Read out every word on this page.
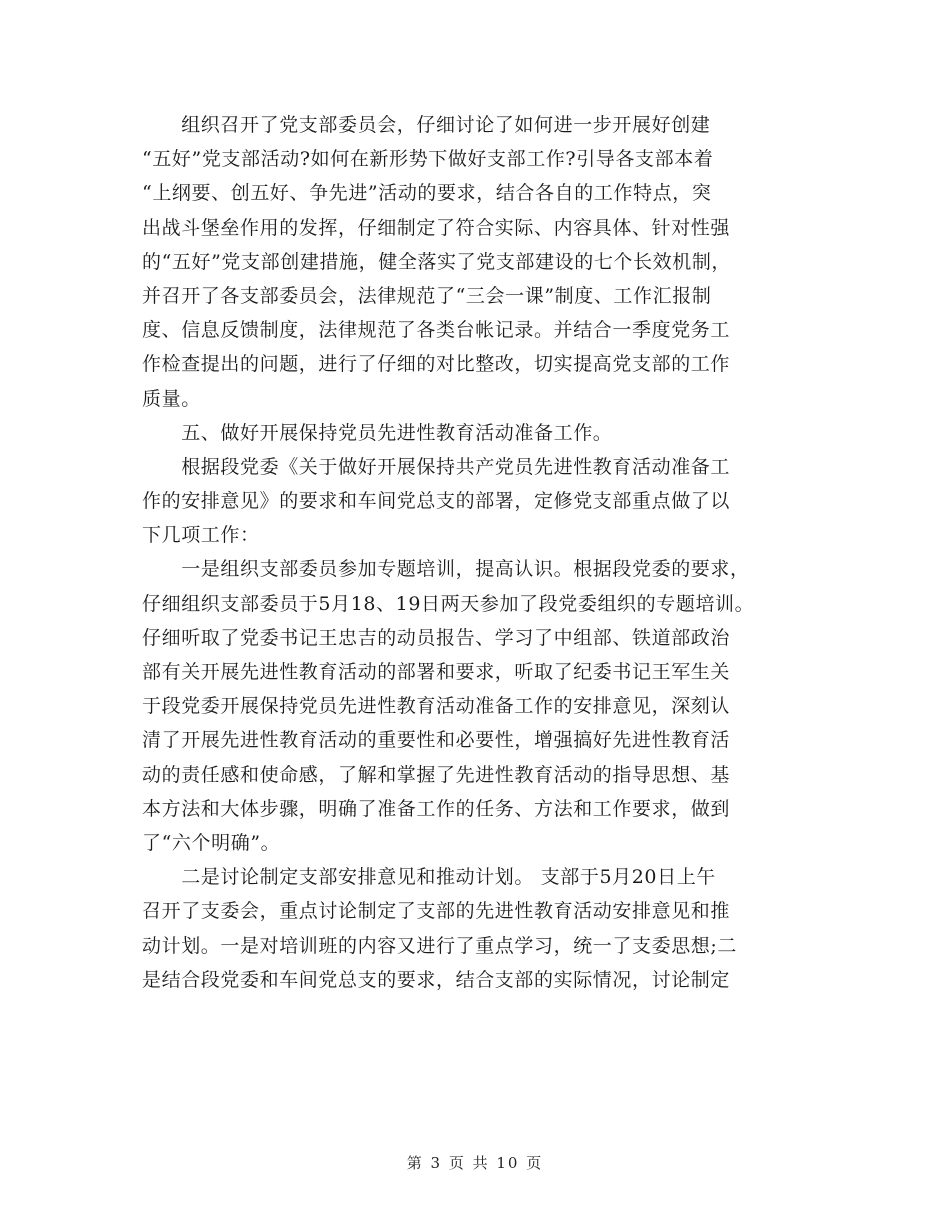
　　组织召开了党支部委员会，仔细讨论了如何进一步开展好创建
“五好”党支部活动?如何在新形势下做好支部工作?引导各支部本着
“上纲要、创五好、争先进”活动的要求，结合各自的工作特点，突
出战斗堡垒作用的发挥，仔细制定了符合实际、内容具体、针对性强
的“五好”党支部创建措施，健全落实了党支部建设的七个长效机制，
并召开了各支部委员会，法律规范了“三会一课”制度、工作汇报制
度、信息反馈制度，法律规范了各类台帐记录。并结合一季度党务工
作检查提出的问题，进行了仔细的对比整改，切实提高党支部的工作
质量。
　　五、做好开展保持党员先进性教育活动准备工作。
　　根据段党委《关于做好开展保持共产党员先进性教育活动准备工
作的安排意见》的要求和车间党总支的部署，定修党支部重点做了以
下几项工作：
　　一是组织支部委员参加专题培训，提高认识。根据段党委的要求，
仔细组织支部委员于5月18、19日两天参加了段党委组织的专题培训。
仔细听取了党委书记王忠吉的动员报告、学习了中组部、铁道部政治
部有关开展先进性教育活动的部署和要求，听取了纪委书记王军生关
于段党委开展保持党员先进性教育活动准备工作的安排意见，深刻认
清了开展先进性教育活动的重要性和必要性，增强搞好先进性教育活
动的责任感和使命感，了解和掌握了先进性教育活动的指导思想、基
本方法和大体步骤，明确了准备工作的任务、方法和工作要求，做到
了“六个明确”。
　　二是讨论制定支部安排意见和推动计划。 支部于5月20日上午
召开了支委会，重点讨论制定了支部的先进性教育活动安排意见和推
动计划。一是对培训班的内容又进行了重点学习，统一了支委思想;二
是结合段党委和车间党总支的要求，结合支部的实际情况，讨论制定
第 3 页 共 10 页
